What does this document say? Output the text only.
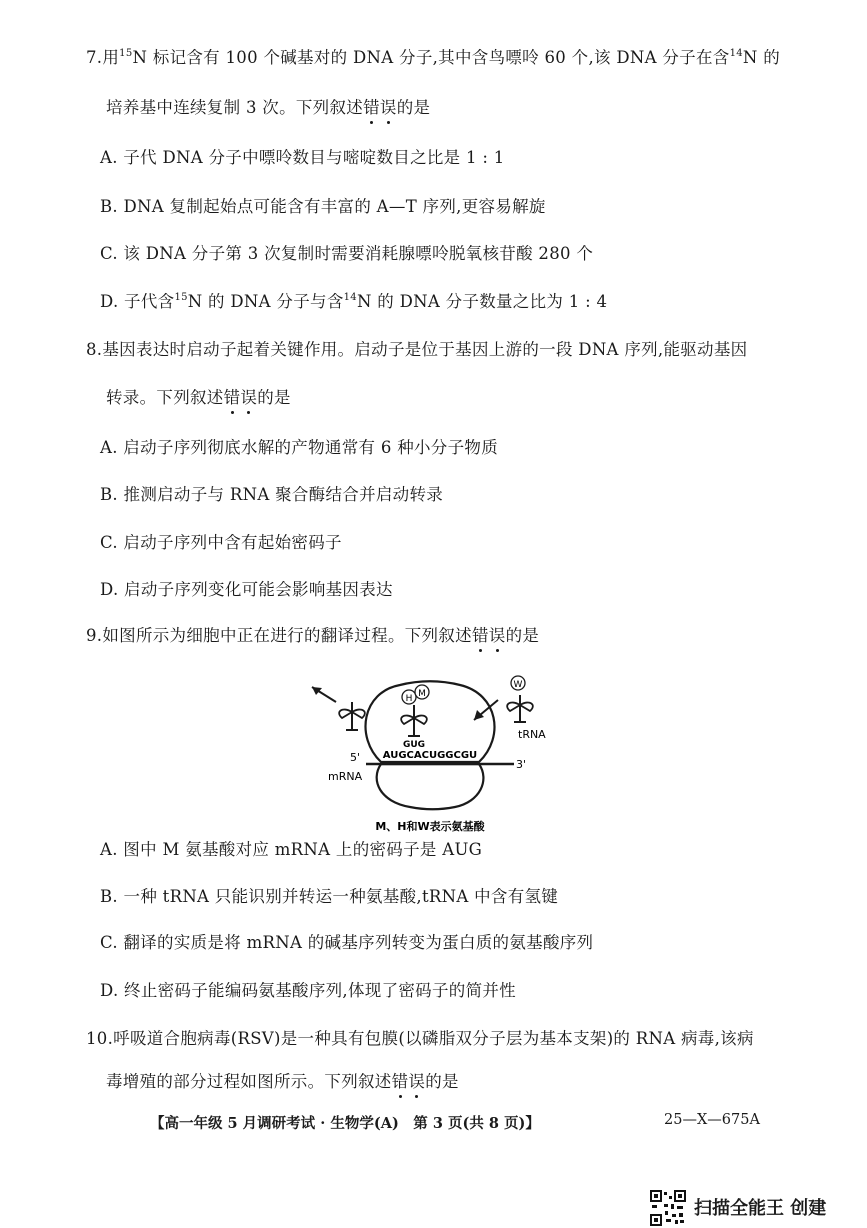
7.用$^{15}$N 标记含有 100 个碱基对的 DNA 分子,其中含鸟嘌呤 60 个,该 DNA 分子在含$^{14}$N 的
培养基中连续复制 3 次。下列叙述错误的是
A. 子代 DNA 分子中嘌呤数目与嘧啶数目之比是 1 : 1
B. DNA 复制起始点可能含有丰富的 A—T 序列,更容易解旋
C. 该 DNA 分子第 3 次复制时需要消耗腺嘌呤脱氧核苷酸 280 个
D. 子代含$^{15}$N 的 DNA 分子与含$^{14}$N 的 DNA 分子数量之比为 1 : 4
8.基因表达时启动子起着关键作用。启动子是位于基因上游的一段 DNA 序列,能驱动基因
转录。下列叙述错误的是
A. 启动子序列彻底水解的产物通常有 6 种小分子物质
B. 推测启动子与 RNA 聚合酶结合并启动转录
C. 启动子序列中含有起始密码子
D. 启动子序列变化可能会影响基因表达
9.如图所示为细胞中正在进行的翻译过程。下列叙述错误的是
5'
3'
mRNA
AUGCACUGGCGU
GUG
H M
W
tRNA
M、H和W表示氨基酸
A. 图中 M 氨基酸对应 mRNA 上的密码子是 AUG
B. 一种 tRNA 只能识别并转运一种氨基酸,tRNA 中含有氢键
C. 翻译的实质是将 mRNA 的碱基序列转变为蛋白质的氨基酸序列
D. 终止密码子能编码氨基酸序列,体现了密码子的简并性
10.呼吸道合胞病毒(RSV)是一种具有包膜(以磷脂双分子层为基本支架)的 RNA 病毒,该病
毒增殖的部分过程如图所示。下列叙述错误的是
【高一年级 5 月调研考试 · 生物学(A)　第 3 页(共 8 页)】	25—X—675A
扫描全能王 创建
